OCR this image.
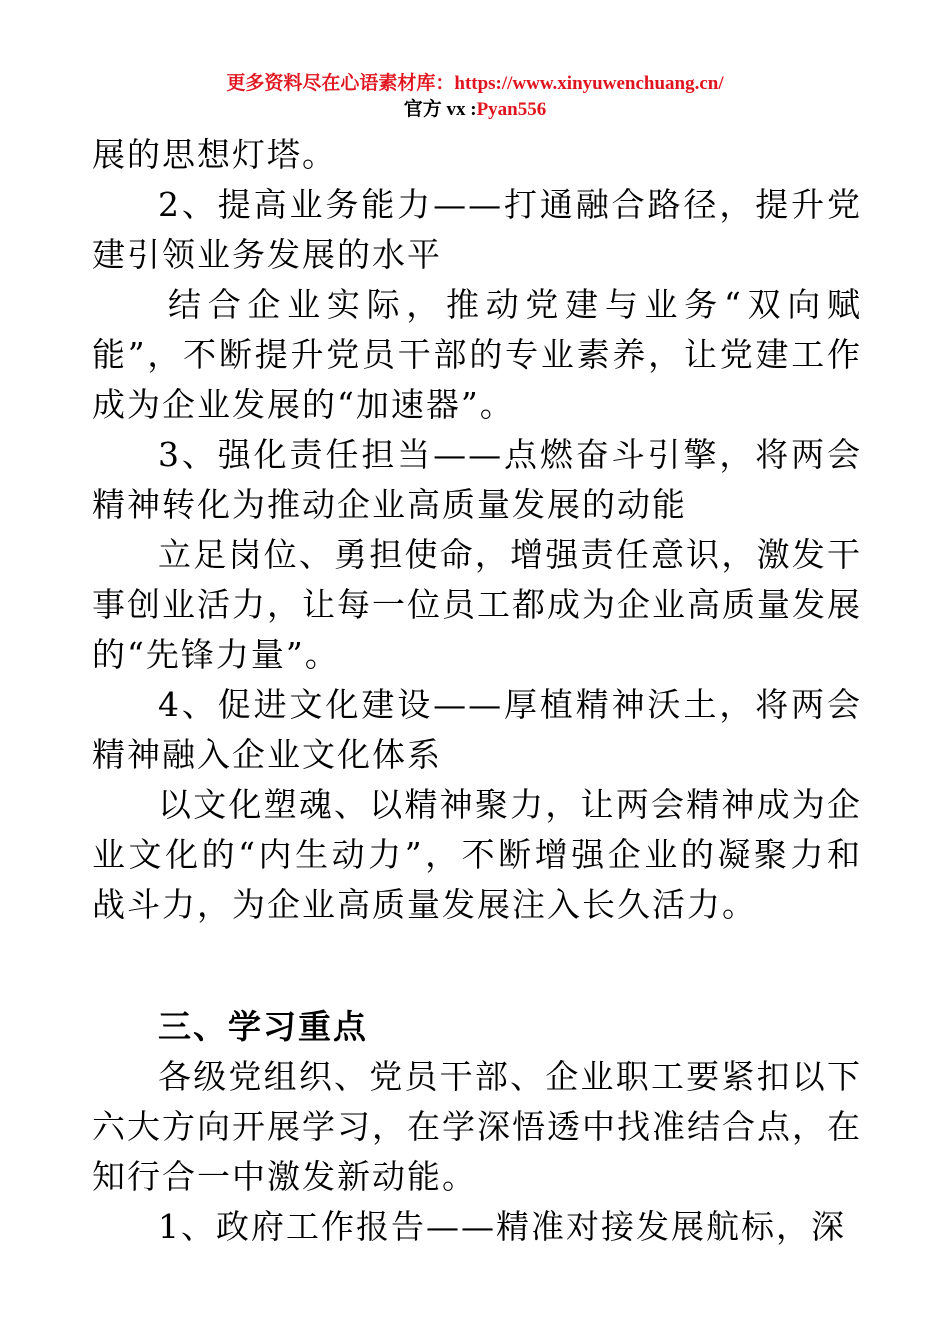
更多资料尽在心语素材库：https://www.xinyuwenchuang.cn/
官方 vx :Pyan556

展的思想灯塔。

2、提高业务能力——打通融合路径，提升党建引领业务发展的水平

结合企业实际，推动党建与业务“双向赋能”，不断提升党员干部的专业素养，让党建工作成为企业发展的“加速器”。

3、强化责任担当——点燃奋斗引擎，将两会精神转化为推动企业高质量发展的动能

立足岗位、勇担使命，增强责任意识，激发干事创业活力，让每一位员工都成为企业高质量发展的“先锋力量”。

4、促进文化建设——厚植精神沃土，将两会精神融入企业文化体系

以文化塑魂、以精神聚力，让两会精神成为企业文化的“内生动力”，不断增强企业的凝聚力和战斗力，为企业高质量发展注入长久活力。

三、学习重点

各级党组织、党员干部、企业职工要紧扣以下六大方向开展学习，在学深悟透中找准结合点，在知行合一中激发新动能。

1、政府工作报告——精准对接发展航标，深
